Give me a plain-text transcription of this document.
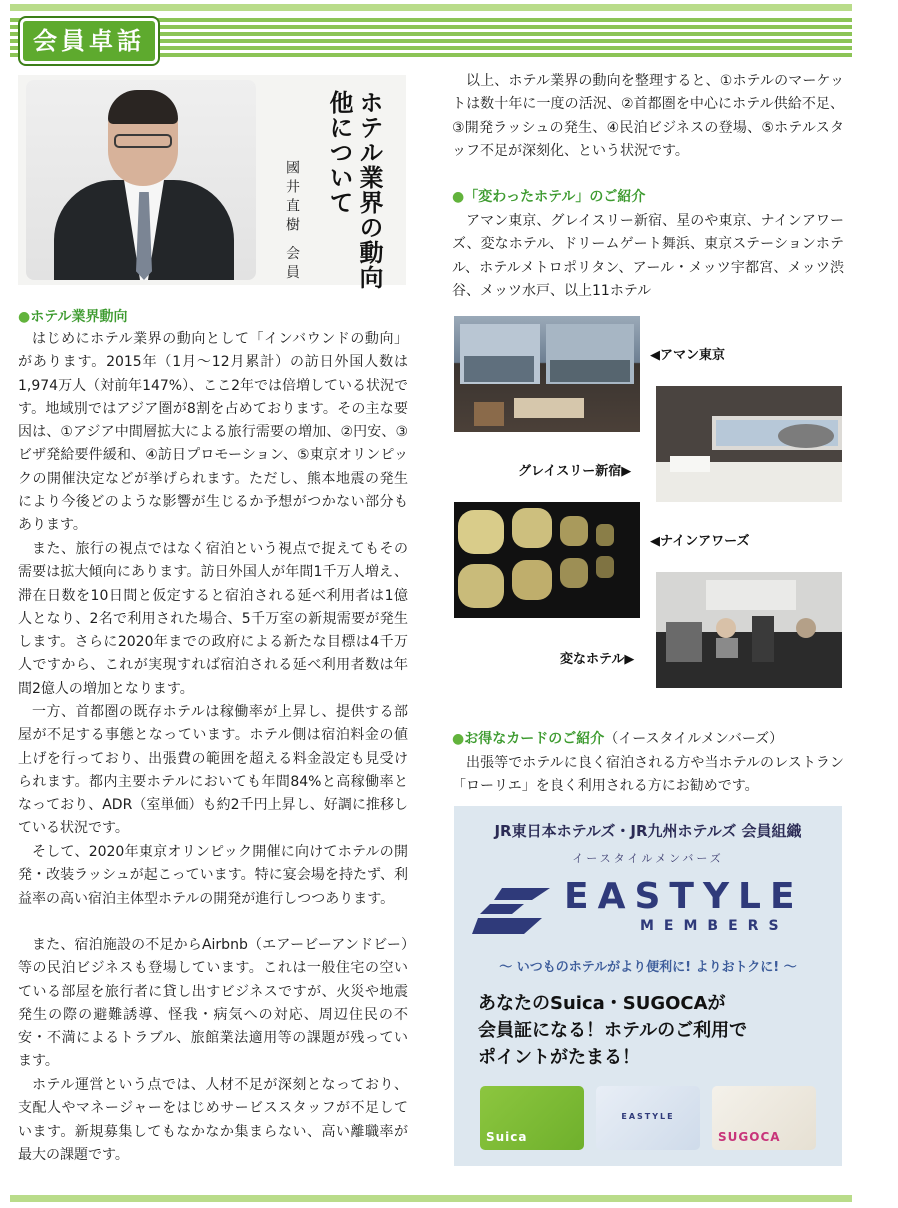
会員卓話
ホテル業界の動向他について
國井直樹 会員
●ホテル業界動向

はじめにホテル業界の動向として「インバウンドの動向」があります。2015年（1月〜12月累計）の訪日外国人数は1,974万人（対前年147%）、ここ2年では倍増している状況です。地域別ではアジア圏が8割を占めております。その主な要因は、①アジア中間層拡大による旅行需要の増加、②円安、③ビザ発給要件緩和、④訪日プロモーション、⑤東京オリンピックの開催決定などが挙げられます。ただし、熊本地震の発生により今後どのような影響が生じるか予想がつかない部分もあります。

また、旅行の視点ではなく宿泊という視点で捉えてもその需要は拡大傾向にあります。訪日外国人が年間1千万人増え、滞在日数を10日間と仮定すると宿泊される延べ利用者は1億人となり、2名で利用された場合、5千万室の新規需要が発生します。さらに2020年までの政府による新たな目標は4千万人ですから、これが実現すれば宿泊される延べ利用者数は年間2億人の増加となります。

一方、首都圏の既存ホテルは稼働率が上昇し、提供する部屋が不足する事態となっています。ホテル側は宿泊料金の値上げを行っており、出張費の範囲を超える料金設定も見受けられます。都内主要ホテルにおいても年間84%と高稼働率となっており、ADR（室単価）も約2千円上昇し、好調に推移している状況です。

そして、2020年東京オリンピック開催に向けてホテルの開発・改装ラッシュが起こっています。特に宴会場を持たず、利益率の高い宿泊主体型ホテルの開発が進行しつつあります。

また、宿泊施設の不足からAirbnb（エアービーアンドビー）等の民泊ビジネスも登場しています。これは一般住宅の空いている部屋を旅行者に貸し出すビジネスですが、火災や地震発生の際の避難誘導、怪我・病気への対応、周辺住民の不安・不満によるトラブル、旅館業法適用等の課題が残っています。

ホテル運営という点では、人材不足が深刻となっており、支配人やマネージャーをはじめサービススタッフが不足しています。新規募集してもなかなか集まらない、高い離職率が最大の課題です。

以上、ホテル業界の動向を整理すると、①ホテルのマーケットは数十年に一度の活況、②首都圏を中心にホテル供給不足、③開発ラッシュの発生、④民泊ビジネスの登場、⑤ホテルスタッフ不足が深刻化、という状況です。

●「変わったホテル」のご紹介

アマン東京、グレイスリー新宿、星のや東京、ナインアワーズ、変なホテル、ドリームゲート舞浜、東京ステーションホテル、ホテルメトロポリタン、アール・メッツ宇都宮、メッツ渋谷、メッツ水戸、以上11ホテル

◀アマン東京
グレイスリー新宿▶
◀ナインアワーズ
変なホテル▶
●お得なカードのご紹介（イースタイルメンバーズ）

出張等でホテルに良く宿泊される方や当ホテルのレストラン「ローリエ」を良く利用される方にお勧めです。

JR東日本ホテルズ・JR九州ホテルズ 会員組織
イースタイルメンバーズ
EASTYLE
MEMBERS
〜 いつものホテルがより便利に! よりおトクに! 〜
あなたのSuica・SUGOCAが
会員証になる！ホテルのご利用で
ポイントがたまる！
Suica
EASTYLE
SUGOCA
